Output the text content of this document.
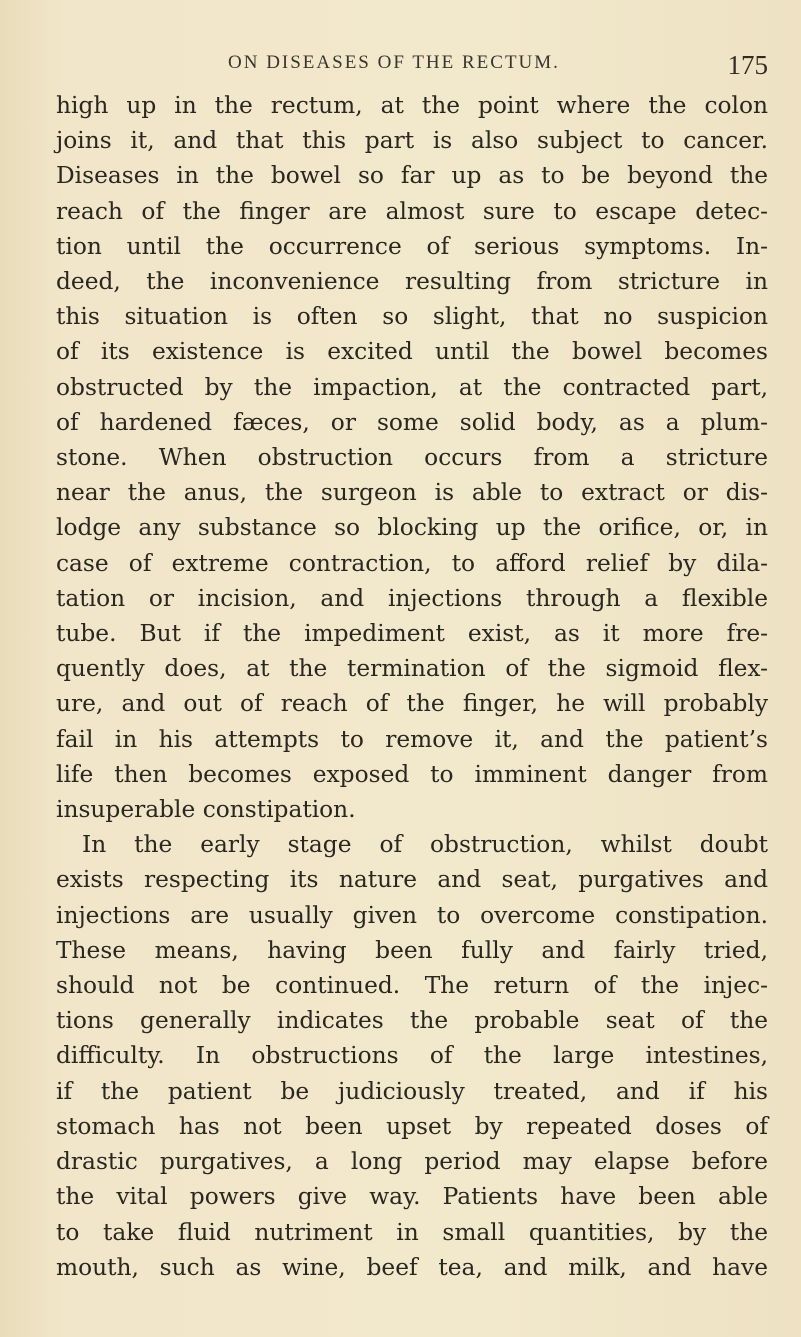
ON DISEASES OF THE RECTUM.	175
high up in the rectum, at the point where the colon
joins it, and that this part is also subject to cancer.
Diseases in the bowel so far up as to be beyond the
reach of the finger are almost sure to escape detec-
tion until the occurrence of serious symptoms. In-
deed, the inconvenience resulting from stricture in
this situation is often so slight, that no suspicion
of its existence is excited until the bowel becomes
obstructed by the impaction, at the contracted part,
of hardened fæces, or some solid body, as a plum-
stone. When obstruction occurs from a stricture
near the anus, the surgeon is able to extract or dis-
lodge any substance so blocking up the orifice, or, in
case of extreme contraction, to afford relief by dila-
tation or incision, and injections through a flexible
tube. But if the impediment exist, as it more fre-
quently does, at the termination of the sigmoid flex-
ure, and out of reach of the finger, he will probably
fail in his attempts to remove it, and the patient’s
life then becomes exposed to imminent danger from
insuperable constipation.
In the early stage of obstruction, whilst doubt
exists respecting its nature and seat, purgatives and
injections are usually given to overcome constipation.
These means, having been fully and fairly tried,
should not be continued. The return of the injec-
tions generally indicates the probable seat of the
difficulty. In obstructions of the large intestines,
if the patient be judiciously treated, and if his
stomach has not been upset by repeated doses of
drastic purgatives, a long period may elapse before
the vital powers give way. Patients have been able
to take fluid nutriment in small quantities, by the
mouth, such as wine, beef tea, and milk, and have
